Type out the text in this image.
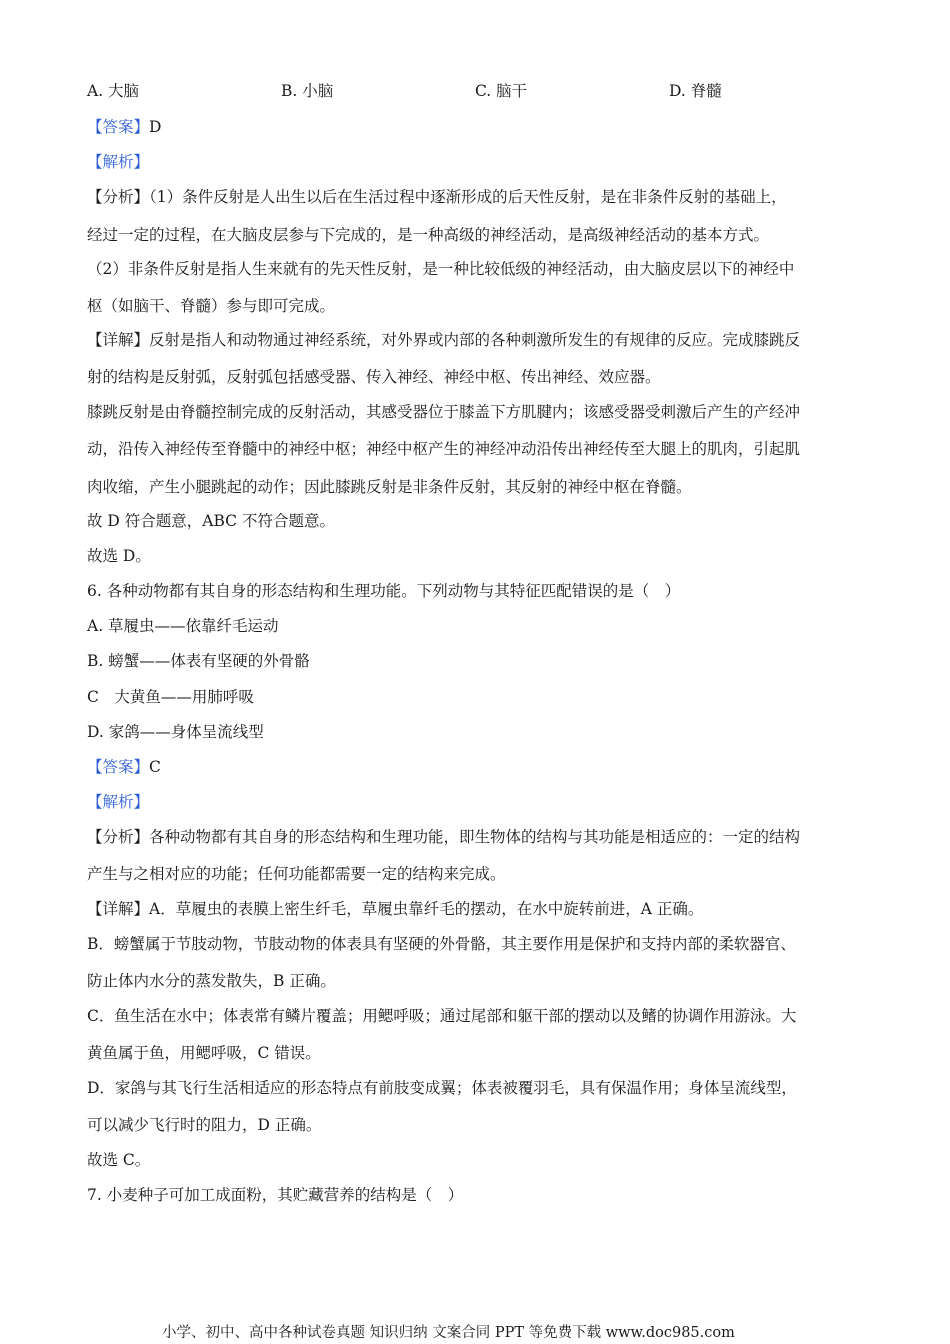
A. 大脑	B. 小脑	C. 脑干	D. 脊髓
【答案】D
【解析】
【分析】（1）条件反射是人出生以后在生活过程中逐渐形成的后天性反射，是在非条件反射的基础上，
经过一定的过程，在大脑皮层参与下完成的，是一种高级的神经活动，是高级神经活动的基本方式。
（2）非条件反射是指人生来就有的先天性反射，是一种比较低级的神经活动，由大脑皮层以下的神经中
枢（如脑干、脊髓）参与即可完成。
【详解】反射是指人和动物通过神经系统，对外界或内部的各种刺激所发生的有规律的反应。完成膝跳反
射的结构是反射弧，反射弧包括感受器、传入神经、神经中枢、传出神经、效应器。
膝跳反射是由脊髓控制完成的反射活动，其感受器位于膝盖下方肌腱内；该感受器受刺激后产生的产经冲
动，沿传入神经传至脊髓中的神经中枢；神经中枢产生的神经冲动沿传出神经传至大腿上的肌肉，引起肌
肉收缩，产生小腿跳起的动作；因此膝跳反射是非条件反射，其反射的神经中枢在脊髓。
故 D 符合题意，ABC 不符合题意。
故选 D。
6. 各种动物都有其自身的形态结构和生理功能。下列动物与其特征匹配错误的是（　）
A. 草履虫——依靠纤毛运动
B. 螃蟹——体表有坚硬的外骨骼
C　大黄鱼——用肺呼吸
D. 家鸽——身体呈流线型
【答案】C
【解析】
【分析】各种动物都有其自身的形态结构和生理功能，即生物体的结构与其功能是相适应的：一定的结构
产生与之相对应的功能；任何功能都需要一定的结构来完成。
【详解】A．草履虫的表膜上密生纤毛，草履虫靠纤毛的摆动，在水中旋转前进，A 正确。
B．螃蟹属于节肢动物，节肢动物的体表具有坚硬的外骨骼，其主要作用是保护和支持内部的柔软器官、
防止体内水分的蒸发散失，B 正确。
C．鱼生活在水中；体表常有鳞片覆盖；用鳃呼吸；通过尾部和躯干部的摆动以及鳍的协调作用游泳。大
黄鱼属于鱼，用鳃呼吸，C 错误。
D．家鸽与其飞行生活相适应的形态特点有前肢变成翼；体表被覆羽毛，具有保温作用；身体呈流线型，
可以减少飞行时的阻力，D 正确。
故选 C。
7. 小麦种子可加工成面粉，其贮藏营养的结构是（　）
小学、初中、高中各种试卷真题 知识归纳 文案合同 PPT 等免费下载 www.doc985.com
